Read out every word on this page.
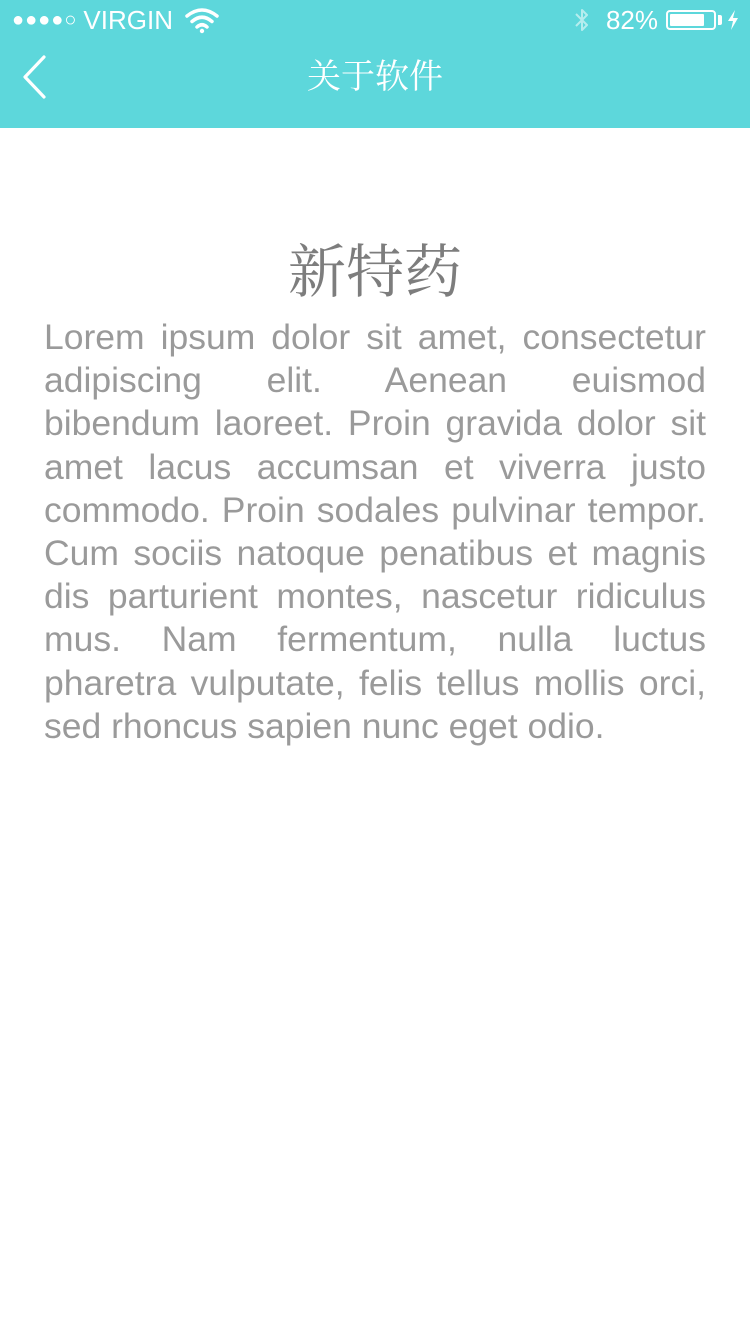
●●●●○ VIRGIN	82%
关于软件
新特药

Lorem ipsum dolor sit amet, consectetur adipiscing elit. Aenean euismod bibendum laoreet. Proin gravida dolor sit amet lacus accumsan et viverra justo commodo. Proin sodales pulvinar tempor. Cum sociis natoque penatibus et magnis dis parturient montes, nascetur ridiculus mus. Nam fermentum, nulla luctus pharetra vulputate, felis tellus mollis orci, sed rhoncus sapien nunc eget odio.
